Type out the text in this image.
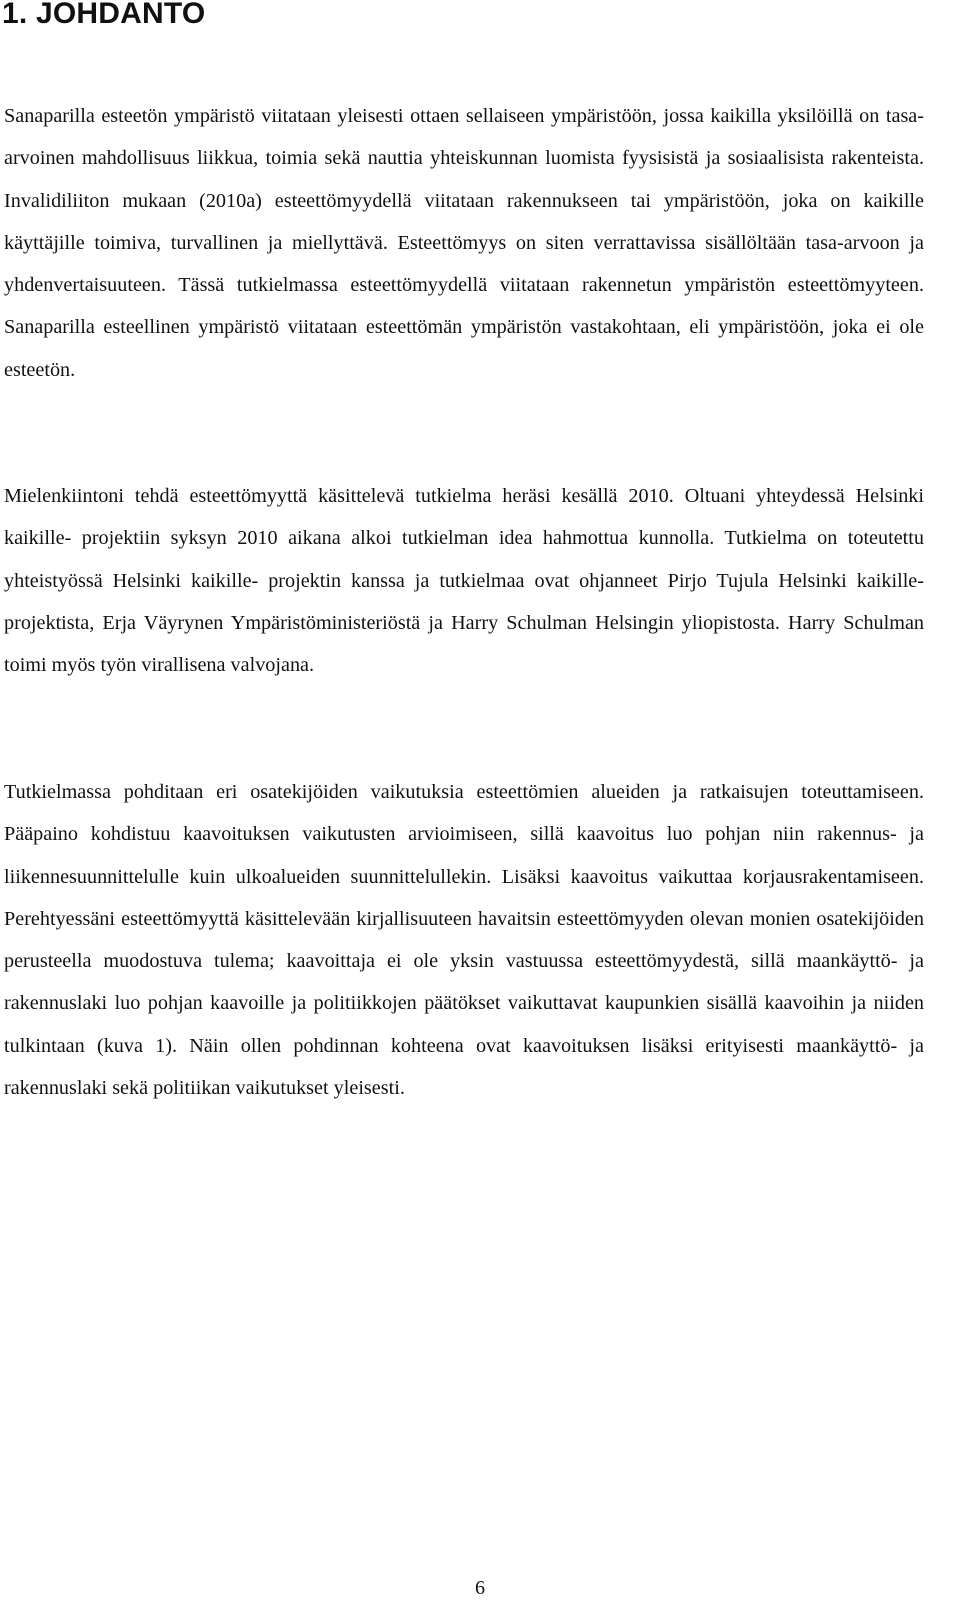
1. JOHDANTO

Sanaparilla esteetön ympäristö viitataan yleisesti ottaen sellaiseen ympäristöön, jossa kaikilla yksilöillä on tasa-arvoinen mahdollisuus liikkua, toimia sekä nauttia yhteiskunnan luomista fyysisistä ja sosiaalisista rakenteista. Invalidiliiton mukaan (2010a) esteettömyydellä viitataan rakennukseen tai ympäristöön, joka on kaikille käyttäjille toimiva, turvallinen ja miellyttävä. Esteettömyys on siten verrattavissa sisällöltään tasa-arvoon ja yhdenvertaisuuteen. Tässä tutkielmassa esteettömyydellä viitataan rakennetun ympäristön esteettömyyteen. Sanaparilla esteellinen ympäristö viitataan esteettömän ympäristön vastakohtaan, eli ympäristöön, joka ei ole esteetön.

Mielenkiintoni tehdä esteettömyyttä käsittelevä tutkielma heräsi kesällä 2010. Oltuani yhteydessä Helsinki kaikille- projektiin syksyn 2010 aikana alkoi tutkielman idea hahmottua kunnolla. Tutkielma on toteutettu yhteistyössä Helsinki kaikille- projektin kanssa ja tutkielmaa ovat ohjanneet Pirjo Tujula Helsinki kaikille- projektista, Erja Väyrynen Ympäristöministeriöstä ja Harry Schulman Helsingin yliopistosta. Harry Schulman toimi myös työn virallisena valvojana.

Tutkielmassa pohditaan eri osatekijöiden vaikutuksia esteettömien alueiden ja ratkaisujen toteuttamiseen. Pääpaino kohdistuu kaavoituksen vaikutusten arvioimiseen, sillä kaavoitus luo pohjan niin rakennus- ja liikennesuunnittelulle kuin ulkoalueiden suunnittelullekin. Lisäksi kaavoitus vaikuttaa korjausrakentamiseen. Perehtyessäni esteettömyyttä käsittelevään kirjallisuuteen havaitsin esteettömyyden olevan monien osatekijöiden perusteella muodostuva tulema; kaavoittaja ei ole yksin vastuussa esteettömyydestä, sillä maankäyttö- ja rakennuslaki luo pohjan kaavoille ja politiikkojen päätökset vaikuttavat kaupunkien sisällä kaavoihin ja niiden tulkintaan (kuva 1). Näin ollen pohdinnan kohteena ovat kaavoituksen lisäksi erityisesti maankäyttö- ja rakennuslaki sekä politiikan vaikutukset yleisesti.

6
